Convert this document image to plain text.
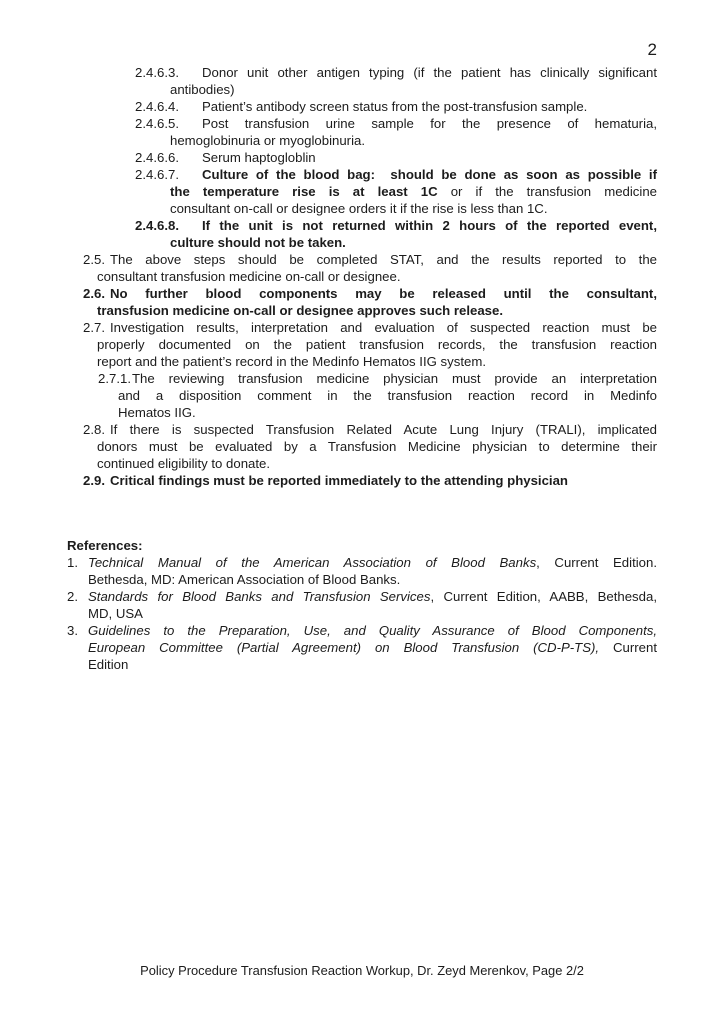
2
2.4.6.3.	Donor unit other antigen typing (if the patient has clinically significant
antibodies)
2.4.6.4.	Patient’s antibody screen status from the post-transfusion sample.
2.4.6.5.	Post transfusion urine sample for the presence of hematuria,
hemoglobinuria or myoglobinuria.
2.4.6.6.	Serum haptogloblin
2.4.6.7.	Culture of the blood bag:  should be done as soon as possible if
the temperature rise is at least 1C or if the transfusion medicine
consultant on-call or designee orders it if the rise is less than 1C.
2.4.6.8.	If the unit is not returned within 2 hours of the reported event,
culture should not be taken.
2.5. The above steps should be completed STAT, and the results reported to the
consultant transfusion medicine on-call or designee.
2.6. No further blood components may be released until the consultant,
transfusion medicine on-call or designee approves such release.
2.7. Investigation results, interpretation and evaluation of suspected reaction must be
properly documented on the patient transfusion records, the transfusion reaction
report and the patient’s record in the Medinfo Hematos IIG system.
2.7.1. The reviewing transfusion medicine physician must provide an interpretation
and a disposition comment in the transfusion reaction record in Medinfo
Hematos IIG.
2.8. If there is suspected Transfusion Related Acute Lung Injury (TRALI), implicated
donors must be evaluated by a Transfusion Medicine physician to determine their
continued eligibility to donate.
2.9. Critical findings must be reported immediately to the attending physician
References:
1. Technical Manual of the American Association of Blood Banks, Current Edition.
Bethesda, MD: American Association of Blood Banks.
2. Standards for Blood Banks and Transfusion Services, Current Edition, AABB, Bethesda,
MD, USA
3. Guidelines to the Preparation, Use, and Quality Assurance of Blood Components,
European Committee (Partial Agreement) on Blood Transfusion (CD-P-TS), Current
Edition
Policy Procedure Transfusion Reaction Workup, Dr. Zeyd Merenkov, Page 2/2
